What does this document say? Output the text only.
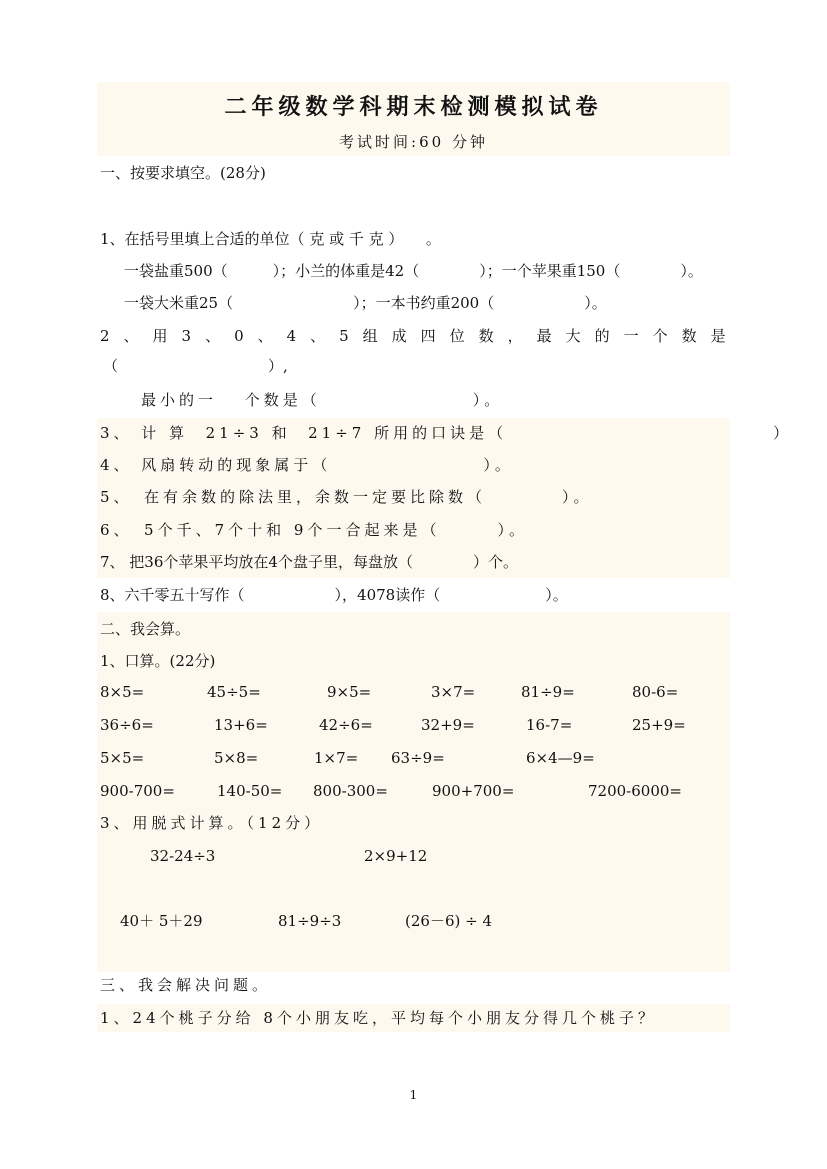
二年级数学科期末检测模拟试卷
考试时间:60 分钟
一、按要求填空。(28分)
1、在括号里填上合适的单位（ 克 或 千 克 ）　　。
一袋盐重500（　　　）；小兰的体重是42（　　　　）；一个苹果重150（　　　　）。
一袋大米重25（　　　　　　　　）；一本书约重200（　　　　　　）。
2 、 用 3 、 0 、 4 、 5 组 成 四 位 数 ， 最 大 的 一 个 数 是
（　　　　　　　　　　）,
最小的一　 个数是（　　　　　　　　）。
3、 计 算  21÷3 和  21÷7 所用的口诀是（　　　　　　　　　　　　　　）
4、 风扇转动的现象属于（　　　　　　　　）。
5、　在有余数的除法里，余数一定要比除数（　　　　）。
6、　5个千、7个十和 9个一合起来是（　　　）。
7、 把36个苹果平均放在4个盘子里，每盘放（　　　　）个。
8、六千零五十写作（　　　　　　），4078读作（　　　　　　　）。
二、我会算。
1、口算。(22分)
8×5=	45÷5=	9×5=	3×7=	81÷9=	80-6=
36÷6=	13+6=	42÷6=	32+9=	16-7=	25+9=
5×5=	5×8=	1×7= 63÷9=	6×4—9=
900-700=	140-50= 800-300=	900+700=	7200-6000=
3、用脱式计算。（12分）
32-24÷3	2×9+12
40＋ 5＋29	81÷9÷3	(26－6) ÷ 4
三、我会解决问题。
1、24个桃子分给 8个小朋友吃，平均每个小朋友分得几个桃子？
1
